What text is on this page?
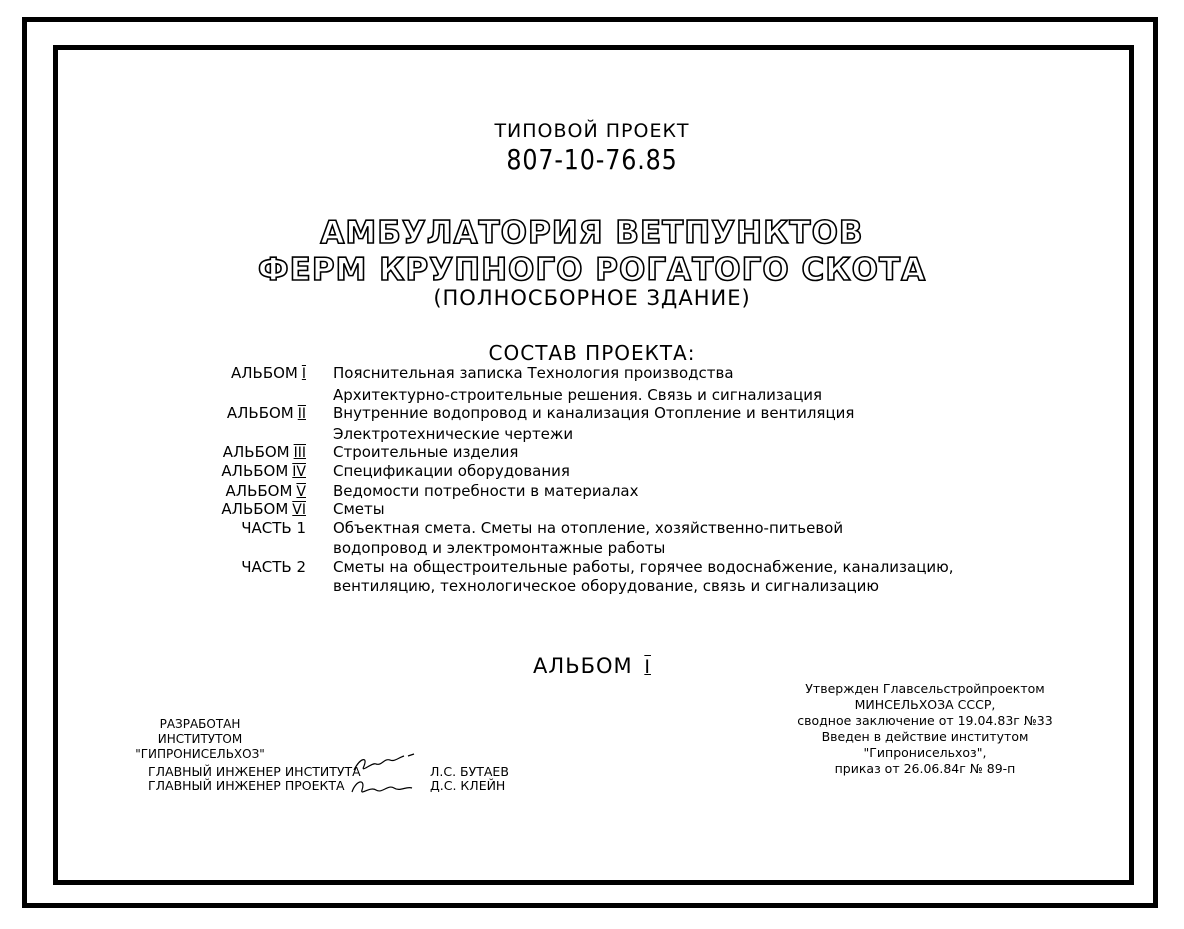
ТИПОВОЙ ПРОЕКТ
807-10-76.85
АМБУЛАТОРИЯ ВЕТПУНКТОВ
ФЕРМ КРУПНОГО РОГАТОГО СКОТА
(ПОЛНОСБОРНОЕ ЗДАНИЕ)
СОСТАВ ПРОЕКТА:
АЛЬБОМ I Пояснительная записка Технология производства
Архитектурно-строительные решения. Связь и сигнализация
АЛЬБОМ II Внутренние водопровод и канализация Отопление и вентиляция
Электротехнические чертежи
АЛЬБОМ III Строительные изделия
АЛЬБОМ IV Спецификации оборудования
АЛЬБОМ V Ведомости потребности в материалах
АЛЬБОМ VI Сметы
ЧАСТЬ 1 Объектная смета. Сметы на отопление, хозяйственно-питьевой
водопровод и электромонтажные работы
ЧАСТЬ 2 Сметы на общестроительные работы, горячее водоснабжение, канализацию,
вентиляцию, технологическое оборудование, связь и сигнализацию
АЛЬБОМ I
РАЗРАБОТАН
ИНСТИТУТОМ "ГИПРОНИСЕЛЬХОЗ"
ГЛАВНЫЙ ИНЖЕНЕР ИНСТИТУТА	Л.С. БУТАЕВ
ГЛАВНЫЙ ИНЖЕНЕР ПРОЕКТА	Д.С. КЛЕЙН
Утвержден Главсельстройпроектом
МИНСЕЛЬХОЗА СССР,
сводное заключение от 19.04.83г №33
Введен в действие институтом "Гипронисельхоз",
приказ от 26.06.84г № 89-п
